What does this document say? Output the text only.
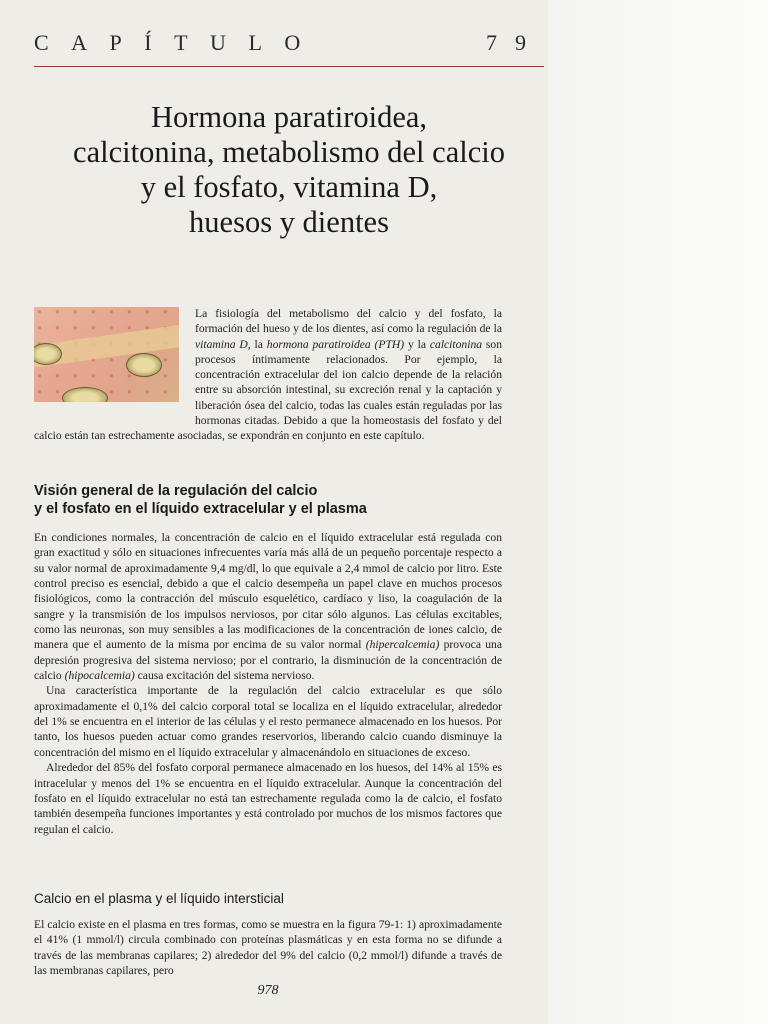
CAPÍTULO	79
Hormona paratiroidea,
calcitonina, metabolismo del calcio
y el fosfato, vitamina D,
huesos y dientes
La fisiología del metabolismo del calcio y del fosfato, la formación del hueso y de los dientes, así como la regulación de la vitamina D, la hormona paratiroidea (PTH) y la calcitonina son procesos íntimamente relacionados. Por ejemplo, la concentración extracelular del ion calcio depende de la relación entre su absorción intestinal, su excreción renal y la captación y liberación ósea del calcio, todas las cuales están reguladas por las hormonas citadas. Debido a que la homeostasis del fosfato y del calcio están tan estrechamente asociadas, se expondrán en conjunto en este capítulo.
Visión general de la regulación del calcio
y el fosfato en el líquido extracelular y el plasma

En condiciones normales, la concentración de calcio en el líquido extracelular está regulada con gran exactitud y sólo en situaciones infrecuentes varía más allá de un pequeño porcentaje respecto a su valor normal de aproximadamente 9,4 mg/dl, lo que equivale a 2,4 mmol de calcio por litro. Este control preciso es esencial, debido a que el calcio desempeña un papel clave en muchos procesos fisiológicos, como la contracción del músculo esquelético, cardíaco y liso, la coagulación de la sangre y la transmisión de los impulsos nerviosos, por citar sólo algunos. Las células excitables, como las neuronas, son muy sensibles a las modificaciones de la concentración de iones calcio, de manera que el aumento de la misma por encima de su valor normal (hipercalcemia) provoca una depresión progresiva del sistema nervioso; por el contrario, la disminución de la concentración de calcio (hipocalcemia) causa excitación del sistema nervioso.

Una característica importante de la regulación del calcio extracelular es que sólo aproximadamente el 0,1% del calcio corporal total se localiza en el líquido extracelular, alrededor del 1% se encuentra en el interior de las células y el resto permanece almacenado en los huesos. Por tanto, los huesos pueden actuar como grandes reservorios, liberando calcio cuando disminuye la concentración del mismo en el líquido extracelular y almacenándolo en situaciones de exceso.

Alrededor del 85% del fosfato corporal permanece almacenado en los huesos, del 14% al 15% es intracelular y menos del 1% se encuentra en el líquido extracelular. Aunque la concentración del fosfato en el líquido extracelular no está tan estrechamente regulada como la de calcio, el fosfato también desempeña funciones importantes y está controlado por muchos de los mismos factores que regulan el calcio.

Calcio en el plasma y el líquido intersticial

El calcio existe en el plasma en tres formas, como se muestra en la figura 79-1: 1) aproximadamente el 41% (1 mmol/l) circula combinado con proteínas plasmáticas y en esta forma no se difunde a través de las membranas capilares; 2) alrededor del 9% del calcio (0,2 mmol/l) difunde a través de las membranas capilares, pero

978
